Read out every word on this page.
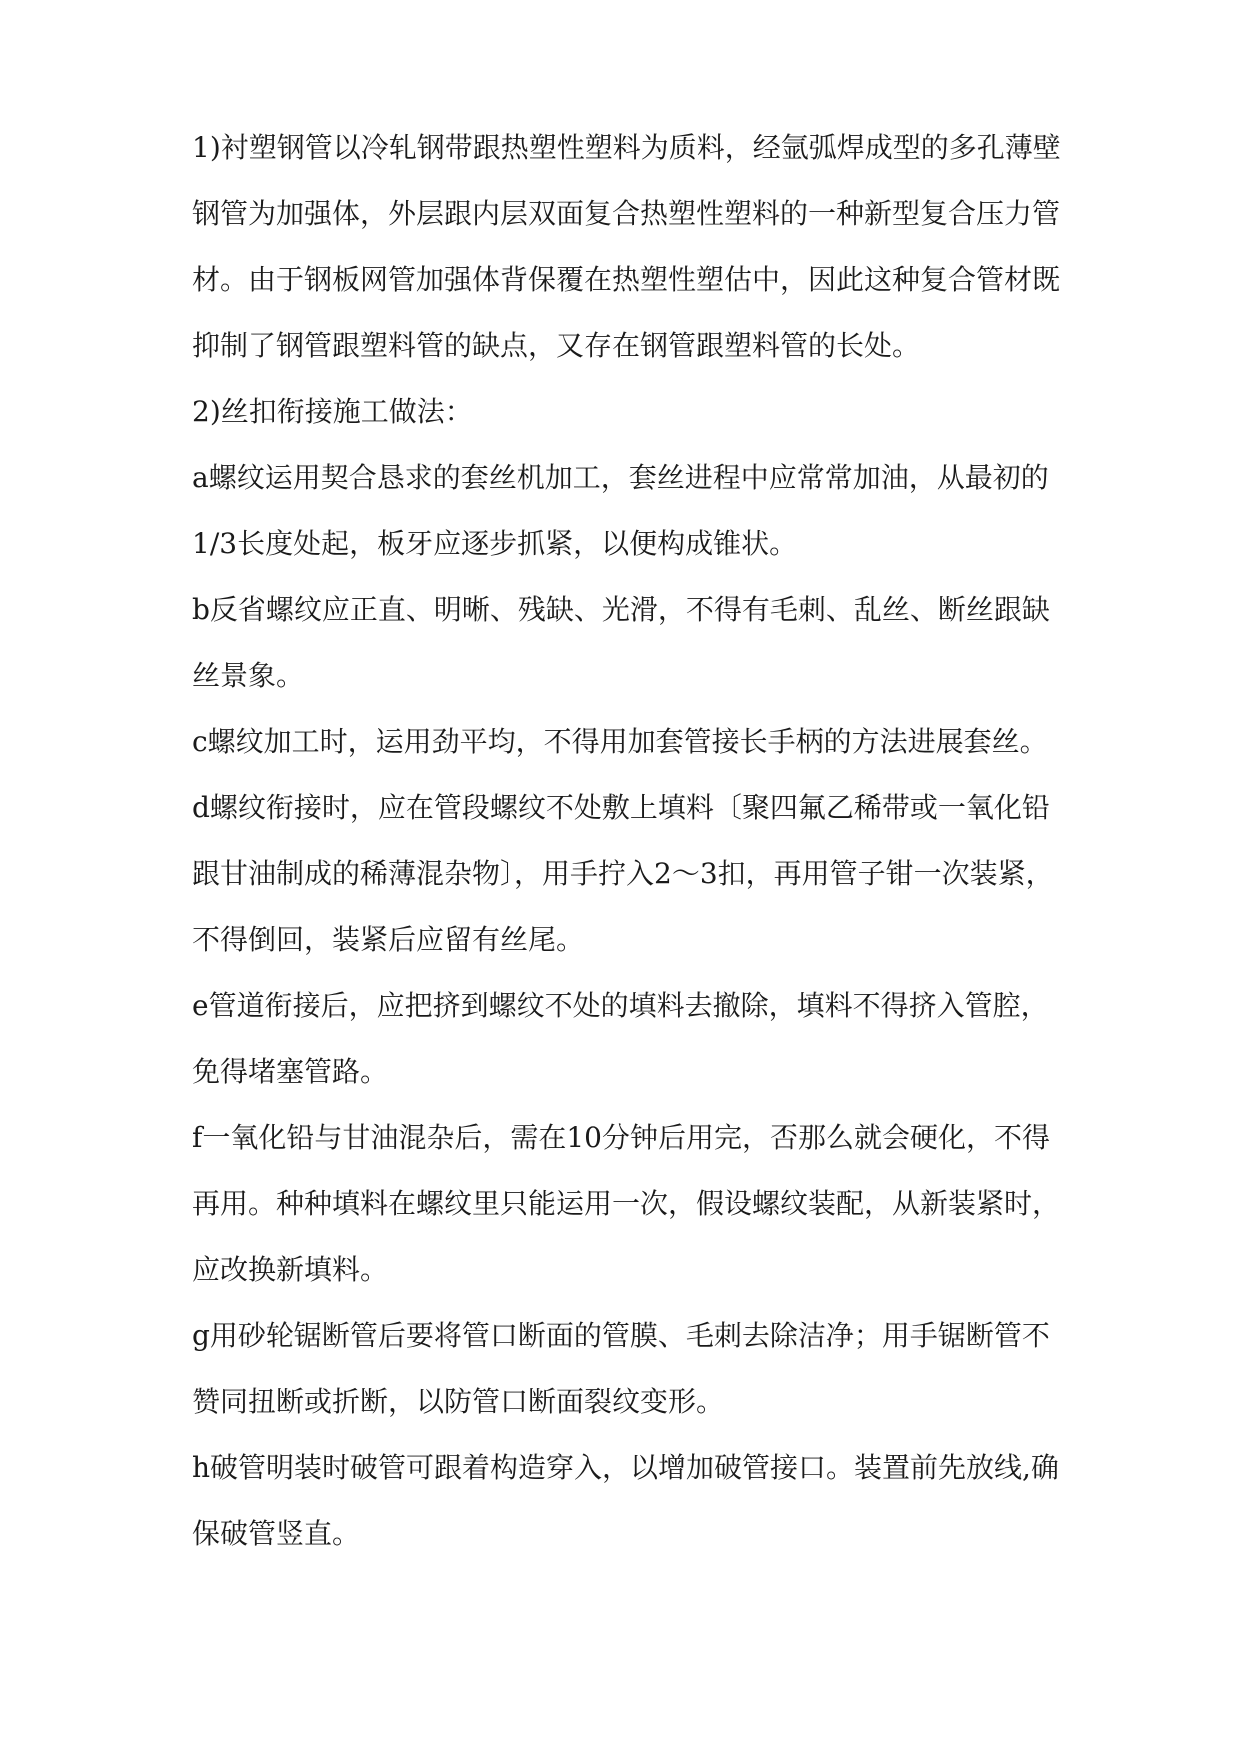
1)衬塑钢管以冷轧钢带跟热塑性塑料为质料，经氩弧焊成型的多孔薄壁钢管为加强体，外层跟内层双面复合热塑性塑料的一种新型复合压力管材。由于钢板网管加强体背保覆在热塑性塑估中，因此这种复合管材既抑制了钢管跟塑料管的缺点，又存在钢管跟塑料管的长处。

2)丝扣衔接施工做法：

a螺纹运用契合恳求的套丝机加工，套丝进程中应常常加油，从最初的1/3长度处起，板牙应逐步抓紧，以便构成锥状。

b反省螺纹应正直、明晰、残缺、光滑，不得有毛刺、乱丝、断丝跟缺丝景象。

c螺纹加工时，运用劲平均，不得用加套管接长手柄的方法进展套丝。

d螺纹衔接时，应在管段螺纹不处敷上填料〔聚四氟乙稀带或一氧化铅跟甘油制成的稀薄混杂物〕，用手拧入2～3扣，再用管子钳一次装紧，不得倒回，装紧后应留有丝尾。

e管道衔接后，应把挤到螺纹不处的填料去撤除，填料不得挤入管腔，免得堵塞管路。

f一氧化铅与甘油混杂后，需在10分钟后用完，否那么就会硬化，不得再用。种种填料在螺纹里只能运用一次，假设螺纹装配，从新装紧时，应改换新填料。

g用砂轮锯断管后要将管口断面的管膜、毛刺去除洁净；用手锯断管不赞同扭断或折断，以防管口断面裂纹变形。

h破管明装时破管可跟着构造穿入，以增加破管接口。装置前先放线,确保破管竖直。
